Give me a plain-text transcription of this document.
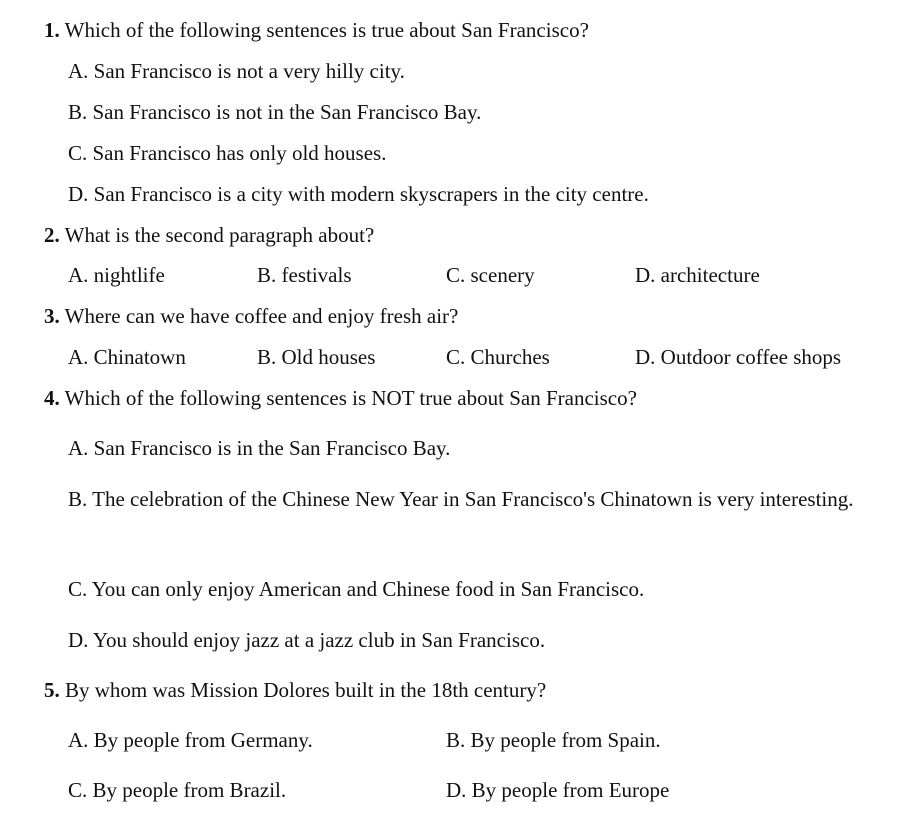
1. Which of the following sentences is true about San Francisco?
A. San Francisco is not a very hilly city.
B. San Francisco is not in the San Francisco Bay.
C. San Francisco has only old houses.
D. San Francisco is a city with modern skyscrapers in the city centre.
2. What is the second paragraph about?
A. nightlife	B. festivals	C. scenery	D. architecture
3. Where can we have coffee and enjoy fresh air?
A. Chinatown	B. Old houses	C. Churches	D. Outdoor coffee shops
4. Which of the following sentences is NOT true about San Francisco?
A. San Francisco is in the San Francisco Bay.
B. The celebration of the Chinese New Year in San Francisco's Chinatown is very interesting.
C. You can only enjoy American and Chinese food in San Francisco.
D. You should enjoy jazz at a jazz club in San Francisco.
5. By whom was Mission Dolores built in the 18th century?
A. By people from Germany.	B. By people from Spain.
C. By people from Brazil.	D. By people from Europe
